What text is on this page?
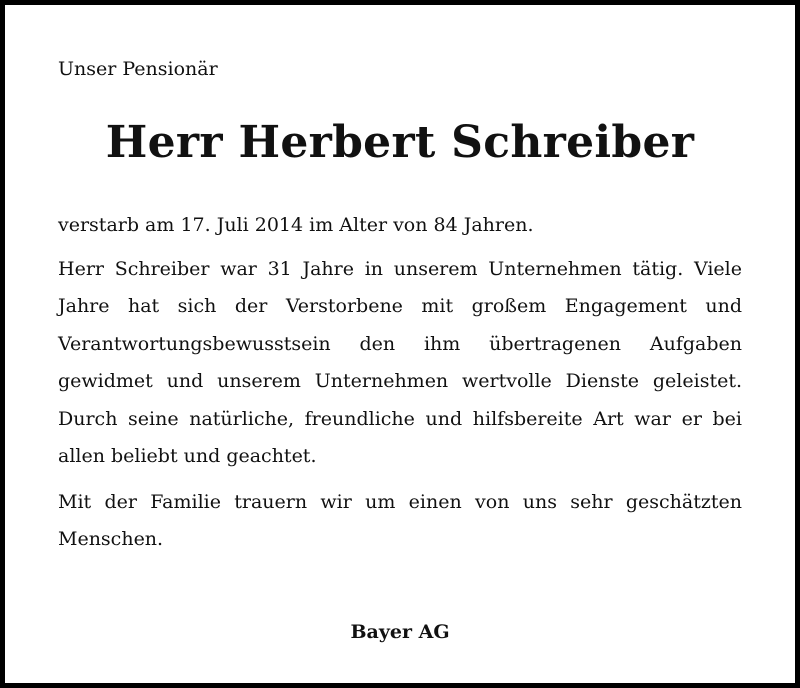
Unser Pensionär

Herr Herbert Schreiber

verstarb am 17. Juli 2014 im Alter von 84 Jahren.

Herr Schreiber war 31 Jahre in unserem Unternehmen tätig. Viele Jahre hat sich der Verstorbene mit großem Engagement und Verantwortungsbewusstsein den ihm übertragenen Aufgaben gewidmet und unserem Unternehmen wertvolle Dienste geleistet. Durch seine natürliche, freundliche und hilfsbereite Art war er bei allen beliebt und geachtet.

Mit der Familie trauern wir um einen von uns sehr geschätzten Menschen.

Bayer AG
